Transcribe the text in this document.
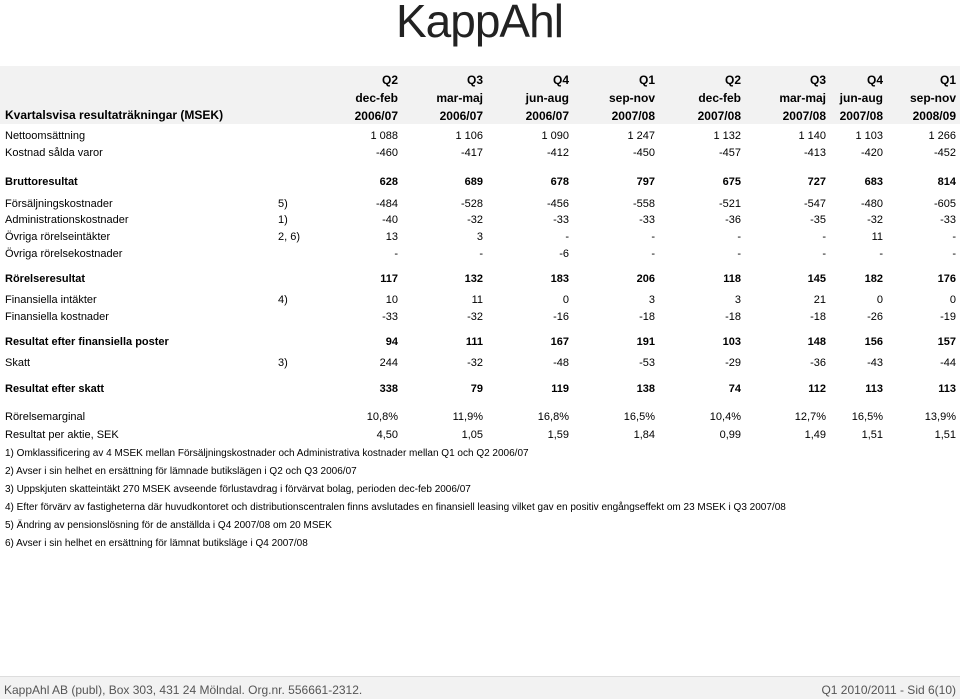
KappAhl
Kvartalsvisa resultaträkningar (MSEK)
Q2	Q3	Q4	Q1	Q2	Q3	Q4	Q1
dec-feb	mar-maj	jun-aug	sep-nov	dec-feb	mar-maj	jun-aug	sep-nov
2006/07	2006/07	2006/07	2007/08	2007/08	2007/08	2007/08	2008/09
Nettoomsättning	1 088	1 106	1 090	1 247	1 132	1 140	1 103	1 266
Kostnad sålda varor	-460	-417	-412	-450	-457	-413	-420	-452
Bruttoresultat	628	689	678	797	675	727	683	814
Försäljningskostnader	5)	-484	-528	-456	-558	-521	-547	-480	-605
Administrationskostnader	1)	-40	-32	-33	-33	-36	-35	-32	-33
Övriga rörelseintäkter	2, 6)	13	3	-	-	-	-	11	-
Övriga rörelsekostnader	-	-	-6	-	-	-	-	-
Rörelseresultat	117	132	183	206	118	145	182	176
Finansiella intäkter	4)	10	11	0	3	3	21	0	0
Finansiella kostnader	-33	-32	-16	-18	-18	-18	-26	-19
Resultat efter finansiella poster	94	111	167	191	103	148	156	157
Skatt	3)	244	-32	-48	-53	-29	-36	-43	-44
Resultat efter skatt	338	79	119	138	74	112	113	113
Rörelsemarginal	10,8%	11,9%	16,8%	16,5%	10,4%	12,7%	16,5%	13,9%
Resultat per aktie, SEK	4,50	1,05	1,59	1,84	0,99	1,49	1,51	1,51
1) Omklassificering av 4 MSEK mellan Försäljningskostnader och Administrativa kostnader mellan Q1 och Q2 2006/07
2) Avser i sin helhet en ersättning för lämnade butikslägen i Q2 och Q3 2006/07
3) Uppskjuten skatteintäkt 270 MSEK avseende förlustavdrag i förvärvat bolag, perioden dec-feb 2006/07
4) Efter förvärv av fastigheterna där huvudkontoret och distributionscentralen finns avslutades en finansiell leasing vilket gav en positiv engångseffekt om 23 MSEK i Q3 2007/08
5) Ändring av pensionslösning för de anställda i Q4 2007/08 om 20 MSEK
6) Avser i sin helhet en ersättning för lämnat butiksläge i Q4 2007/08
KappAhl AB (publ), Box 303, 431 24 Mölndal. Org.nr. 556661-2312.	Q1 2010/2011 - Sid 6(10)
